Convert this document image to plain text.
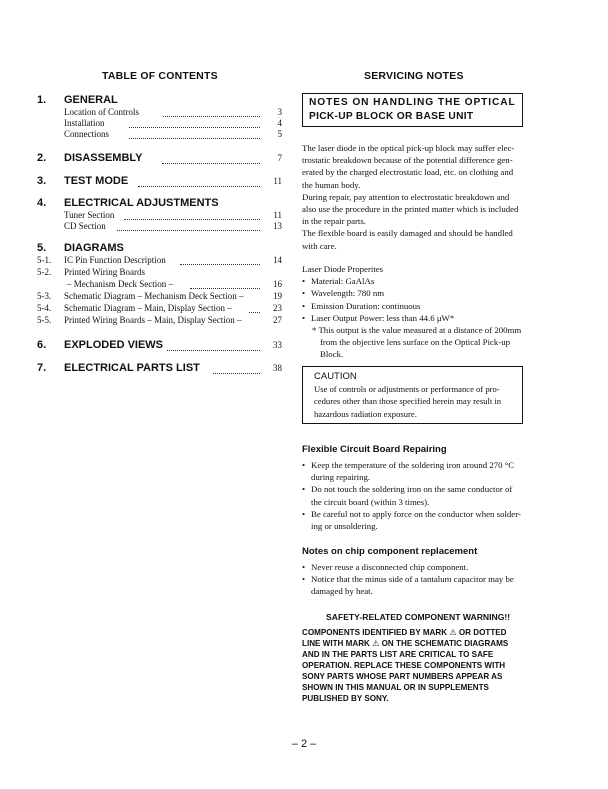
TABLE OF CONTENTS
1. GENERAL
Location of Controls	3
Installation	4
Connections	5
2. DISASSEMBLY	7
3. TEST MODE	11
4. ELECTRICAL ADJUSTMENTS
Tuner Section	11
CD Section	13
5. DIAGRAMS
5-1. IC Pin Function Description	14
5-2. Printed Wiring Boards
– Mechanism Deck Section –	16
5-3. Schematic Diagram – Mechanism Deck Section –	19
5-4. Schematic Diagram – Main, Display Section –	23
5-5. Printed Wiring Boards – Main, Display Section –	27
6. EXPLODED VIEWS	33
7. ELECTRICAL PARTS LIST	38
SERVICING NOTES
NOTES ON HANDLING THE OPTICAL
PICK-UP BLOCK OR BASE UNIT
The laser diode in the optical pick-up block may suffer elec-
trostatic breakdown because of the potential difference gen-
erated by the charged electrostatic load, etc. on clothing and
the human body.
During repair, pay attention to electrostatic breakdown and
also use the procedure in the printed matter which is included
in the repair parts.
The flexible board is easily damaged and should be handled
with care.
Laser Diode Properites
• Material: GaAlAs
• Wavelength: 780 nm
• Emission Duration: continuous
• Laser Output Power: less than 44.6 μW*
* This output is the value measured at a distance of 200mm
from the objective lens surface on the Optical Pick-up
Block.
CAUTION
Use of controls or adjustments or performance of pro-
cedures other than those specified herein may result in
hazardous radiation exposure.
Flexible Circuit Board Repairing
• Keep the temperature of the soldering iron around 270 °C
during repairing.
• Do not touch the soldering iron on the same conductor of
the circuit board (within 3 times).
• Be careful not to apply force on the conductor when solder-
ing or unsoldering.
Notes on chip component replacement
• Never reuse a disconnected chip component.
• Notice that the minus side of a tantalum capacitor may be
damaged by heat.
SAFETY-RELATED COMPONENT WARNING!!
COMPONENTS IDENTIFIED BY MARK ⚠ OR DOTTED
LINE WITH MARK ⚠ ON THE SCHEMATIC DIAGRAMS
AND IN THE PARTS LIST ARE CRITICAL TO SAFE
OPERATION. REPLACE THESE COMPONENTS WITH
SONY PARTS WHOSE PART NUMBERS APPEAR AS
SHOWN IN THIS MANUAL OR IN SUPPLEMENTS
PUBLISHED BY SONY.
– 2 –
